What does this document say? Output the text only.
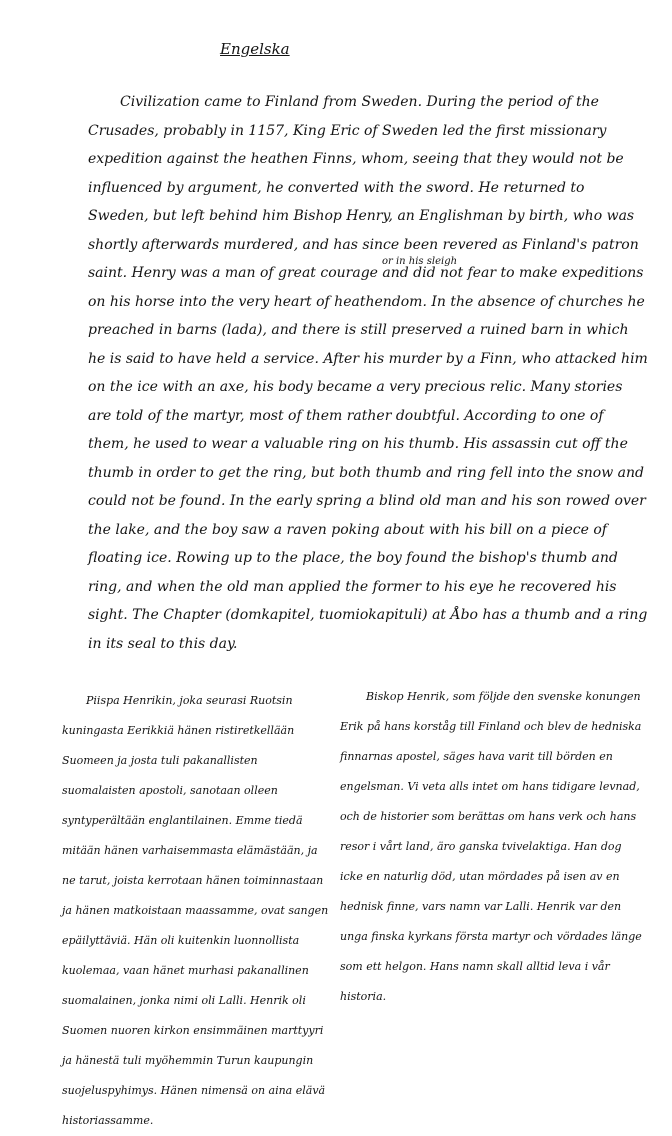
Engelska
or in his sleigh

Civilization came to Finland from Sweden. During the period of the Crusades, probably in 1157, King Eric of Sweden led the first missionary expedition against the heathen Finns, whom, seeing that they would not be influenced by argument, he converted with the sword. He returned to Sweden, but left behind him Bishop Henry, an Englishman by birth, who was shortly afterwards murdered, and has since been revered as Finland's patron saint. Henry was a man of great courage and did not fear to make expeditions on his horse into the very heart of heathendom. In the absence of churches he preached in barns (lada), and there is still preserved a ruined barn in which he is said to have held a service. After his murder by a Finn, who attacked him on the ice with an axe, his body became a very precious relic. Many stories are told of the martyr, most of them rather doubtful. According to one of them, he used to wear a valuable ring on his thumb. His assassin cut off the thumb in order to get the ring, but both thumb and ring fell into the snow and could not be found. In the early spring a blind old man and his son rowed over the lake, and the boy saw a raven poking about with his bill on a piece of floating ice. Rowing up to the place, the boy found the bishop's thumb and ring, and when the old man applied the former to his eye he recovered his sight. The Chapter (domkapitel, tuomiokapituli) at Åbo has a thumb and a ring in its seal to this day.

Piispa Henrikin, joka seurasi Ruotsin kuningasta Eerikkiä hänen ristiretkellään Suomeen ja josta tuli pakanallisten suomalaisten apostoli, sanotaan olleen syntyperältään englantilainen. Emme tiedä mitään hänen varhaisemmasta elämästään, ja ne tarut, joista kerrotaan hänen toiminnastaan ja hänen matkoistaan maassamme, ovat sangen epäilyttäviä. Hän oli kuitenkin luonnollista kuolemaa, vaan hänet murhasi pakanallinen suomalainen, jonka nimi oli Lalli. Henrik oli Suomen nuoren kirkon ensimmäinen marttyyri ja hänestä tuli myöhemmin Turun kaupungin suojeluspyhimys. Hänen nimensä on aina elävä historiassamme.

Biskop Henrik, som följde den svenske konungen Erik på hans korståg till Finland och blev de hedniska finnarnas apostel, säges hava varit till börden en engelsman. Vi veta alls intet om hans tidigare levnad, och de historier som berättas om hans verk och hans resor i vårt land, äro ganska tvivelaktiga. Han dog icke en naturlig död, utan mördades på isen av en hednisk finne, vars namn var Lalli. Henrik var den unga finska kyrkans första martyr och vördades länge som ett helgon. Hans namn skall alltid leva i vår historia.
